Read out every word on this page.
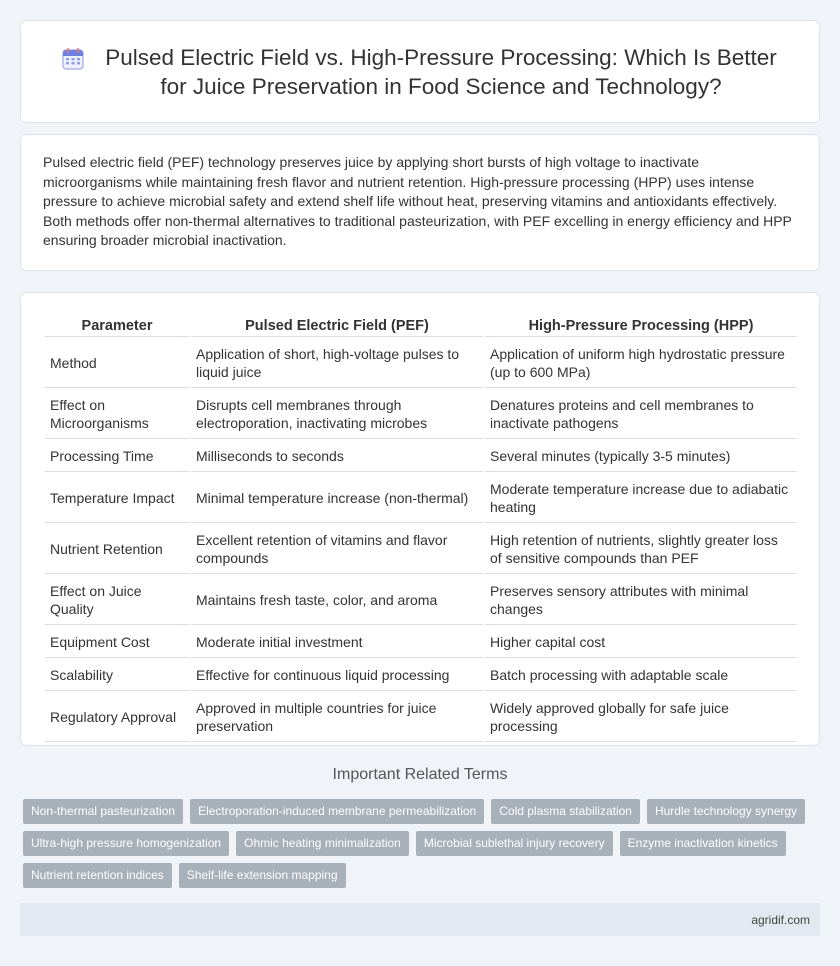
Pulsed Electric Field vs. High-Pressure Processing: Which Is Better for Juice Preservation in Food Science and Technology?

Pulsed electric field (PEF) technology preserves juice by applying short bursts of high voltage to inactivate microorganisms while maintaining fresh flavor and nutrient retention. High-pressure processing (HPP) uses intense pressure to achieve microbial safety and extend shelf life without heat, preserving vitamins and antioxidants effectively. Both methods offer non-thermal alternatives to traditional pasteurization, with PEF excelling in energy efficiency and HPP ensuring broader microbial inactivation.

Parameter	Pulsed Electric Field (PEF)	High-Pressure Processing (HPP)
Method	Application of short, high-voltage pulses to liquid juice	Application of uniform high hydrostatic pressure (up to 600 MPa)
Effect on Microorganisms	Disrupts cell membranes through electroporation, inactivating microbes	Denatures proteins and cell membranes to inactivate pathogens
Processing Time	Milliseconds to seconds	Several minutes (typically 3-5 minutes)
Temperature Impact	Minimal temperature increase (non-thermal)	Moderate temperature increase due to adiabatic heating
Nutrient Retention	Excellent retention of vitamins and flavor compounds	High retention of nutrients, slightly greater loss of sensitive compounds than PEF
Effect on Juice Quality	Maintains fresh taste, color, and aroma	Preserves sensory attributes with minimal changes
Equipment Cost	Moderate initial investment	Higher capital cost
Scalability	Effective for continuous liquid processing	Batch processing with adaptable scale
Regulatory Approval	Approved in multiple countries for juice preservation	Widely approved globally for safe juice processing
Important Related Terms
Non-thermal pasteurization	Electroporation-induced membrane permeabilization	Cold plasma stabilization	Hurdle technology synergy
Ultra-high pressure homogenization	Ohmic heating minimalization	Microbial sublethal injury recovery	Enzyme inactivation kinetics
Nutrient retention indices	Shelf-life extension mapping
agridif.com
